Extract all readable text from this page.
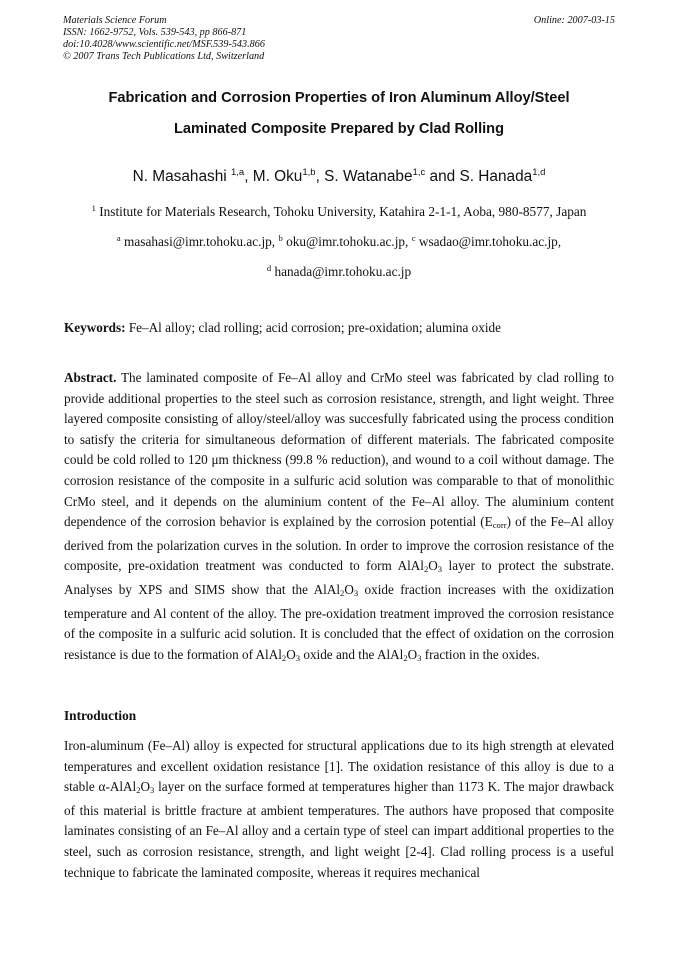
Materials Science Forum
ISSN: 1662-9752, Vols. 539-543, pp 866-871
doi:10.4028/www.scientific.net/MSF.539-543.866
© 2007 Trans Tech Publications Ltd, Switzerland
Online: 2007-03-15
Fabrication and Corrosion Properties of Iron Aluminum Alloy/Steel
Laminated Composite Prepared by Clad Rolling
N. Masahashi $^{1,a}$, M. Oku$^{1,b}$, S. Watanabe$^{1,c}$ and S. Hanada$^{1,d}$
$^1$ Institute for Materials Research, Tohoku University, Katahira 2-1-1, Aoba, 980-8577, Japan
$^a$ masahasi@imr.tohoku.ac.jp, $^b$ oku@imr.tohoku.ac.jp, $^c$ wsadao@imr.tohoku.ac.jp,
$^d$ hanada@imr.tohoku.ac.jp
Keywords: Fe–Al alloy; clad rolling; acid corrosion; pre-oxidation; alumina oxide
Abstract. The laminated composite of Fe–Al alloy and CrMo steel was fabricated by clad rolling to provide additional properties to the steel such as corrosion resistance, strength, and light weight. Three layered composite consisting of alloy/steel/alloy was succesfully fabricated using the process condition to satisfy the criteria for simultaneous deformation of different materials. The fabricated composite could be cold rolled to 120 μm thickness (99.8 % reduction), and wound to a coil without damage. The corrosion resistance of the composite in a sulfuric acid solution was comparable to that of monolithic CrMo steel, and it depends on the aluminium content of the Fe–Al alloy. The aluminium content dependence of the corrosion behavior is explained by the corrosion potential $(E_{corr})$ of the Fe–Al alloy derived from the polarization curves in the solution. In order to improve the corrosion resistance of the composite, pre-oxidation treatment was conducted to form $AlAl_2O_3$ layer to protect the substrate. Analyses by XPS and SIMS show that the $AlAl_2O_3$ oxide fraction increases with the oxidization temperature and Al content of the alloy. The pre-oxidation treatment improved the corrosion resistance of the composite in a sulfuric acid solution. It is concluded that the effect of oxidation on the corrosion resistance is due to the formation of $AlAl_2O_3$ oxide and the $AlAl_2O_3$ fraction in the oxides.
Introduction
Iron-aluminum (Fe–Al) alloy is expected for structural applications due to its high strength at elevated temperatures and excellent oxidation resistance [1]. The oxidation resistance of this alloy is due to a stable $\alpha-AlAl_2O_3$ layer on the surface formed at temperatures higher than 1173 K. The major drawback of this material is brittle fracture at ambient temperatures. The authors have proposed that composite laminates consisting of an Fe–Al alloy and a certain type of steel can impart additional properties to the steel, such as corrosion resistance, strength, and light weight [2-4]. Clad rolling process is a useful technique to fabricate the laminated composite, whereas it requires mechanical
